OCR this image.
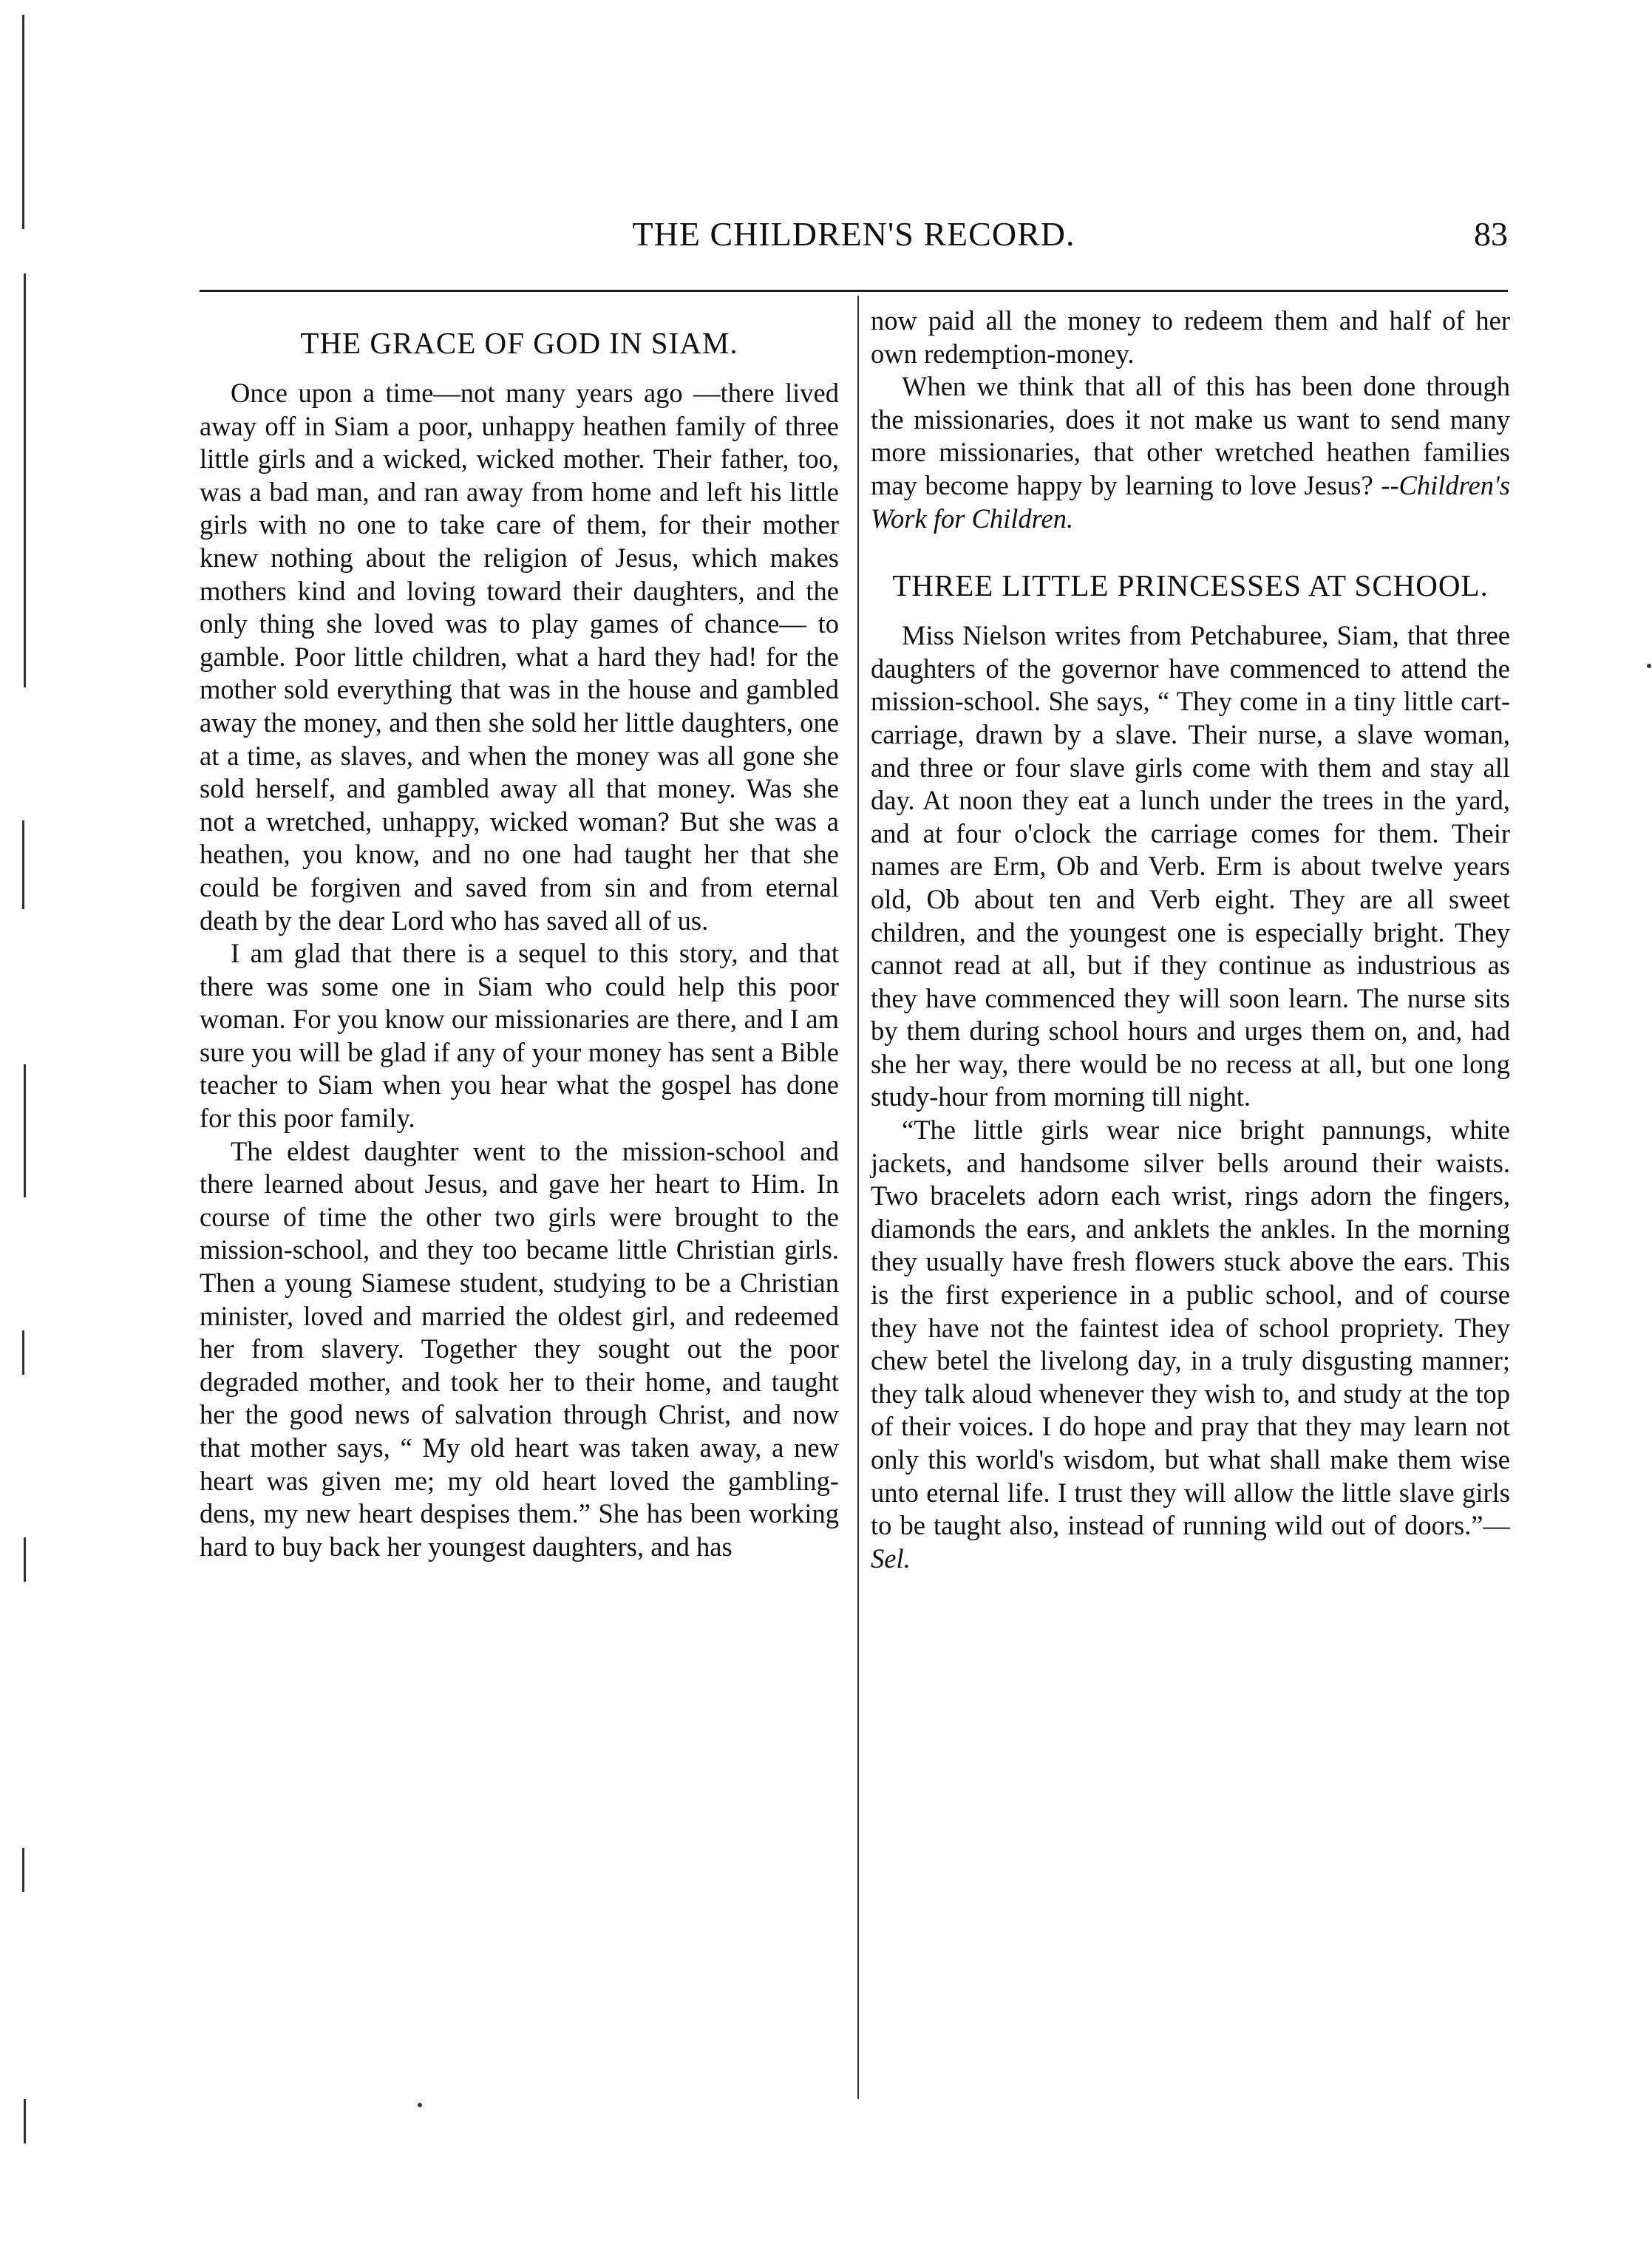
THE CHILDREN'S RECORD.	83
THE GRACE OF GOD IN SIAM.

Once upon a time—not many years ago —there lived away off in Siam a poor, unhappy heathen family of three little girls and a wicked, wicked mother. Their father, too, was a bad man, and ran away from home and left his little girls with no one to take care of them, for their mother knew nothing about the religion of Jesus, which makes mothers kind and loving toward their daughters, and the only thing she loved was to play games of chance— to gamble. Poor little children, what a hard they had! for the mother sold everything that was in the house and gambled away the money, and then she sold her little daughters, one at a time, as slaves, and when the money was all gone she sold herself, and gambled away all that money. Was she not a wretched, unhappy, wicked woman? But she was a heathen, you know, and no one had taught her that she could be forgiven and saved from sin and from eternal death by the dear Lord who has saved all of us.

I am glad that there is a sequel to this story, and that there was some one in Siam who could help this poor woman. For you know our missionaries are there, and I am sure you will be glad if any of your money has sent a Bible teacher to Siam when you hear what the gospel has done for this poor family.

The eldest daughter went to the mission-school and there learned about Jesus, and gave her heart to Him. In course of time the other two girls were brought to the mission-school, and they too became little Christian girls. Then a young Siamese student, studying to be a Christian minister, loved and married the oldest girl, and redeemed her from slavery. Together they sought out the poor degraded mother, and took her to their home, and taught her the good news of salvation through Christ, and now that mother says, “ My old heart was taken away, a new heart was given me; my old heart loved the gambling-dens, my new heart despises them.” She has been working hard to buy back her youngest daughters, and has

now paid all the money to redeem them and half of her own redemption-money.

When we think that all of this has been done through the missionaries, does it not make us want to send many more missionaries, that other wretched heathen families may become happy by learning to love Jesus? --Children's Work for Children.

THREE LITTLE PRINCESSES AT SCHOOL.

Miss Nielson writes from Petchaburee, Siam, that three daughters of the governor have commenced to attend the mission-school. She says, “ They come in a tiny little cart-carriage, drawn by a slave. Their nurse, a slave woman, and three or four slave girls come with them and stay all day. At noon they eat a lunch under the trees in the yard, and at four o'clock the carriage comes for them. Their names are Erm, Ob and Verb. Erm is about twelve years old, Ob about ten and Verb eight. They are all sweet children, and the youngest one is especially bright. They cannot read at all, but if they continue as industrious as they have commenced they will soon learn. The nurse sits by them during school hours and urges them on, and, had she her way, there would be no recess at all, but one long study-hour from morning till night.

“The little girls wear nice bright pannungs, white jackets, and handsome silver bells around their waists. Two bracelets adorn each wrist, rings adorn the fingers, diamonds the ears, and anklets the ankles. In the morning they usually have fresh flowers stuck above the ears. This is the first experience in a public school, and of course they have not the faintest idea of school propriety. They chew betel the livelong day, in a truly disgusting manner; they talk aloud whenever they wish to, and study at the top of their voices. I do hope and pray that they may learn not only this world's wisdom, but what shall make them wise unto eternal life. I trust they will allow the little slave girls to be taught also, instead of running wild out of doors.”—Sel.
